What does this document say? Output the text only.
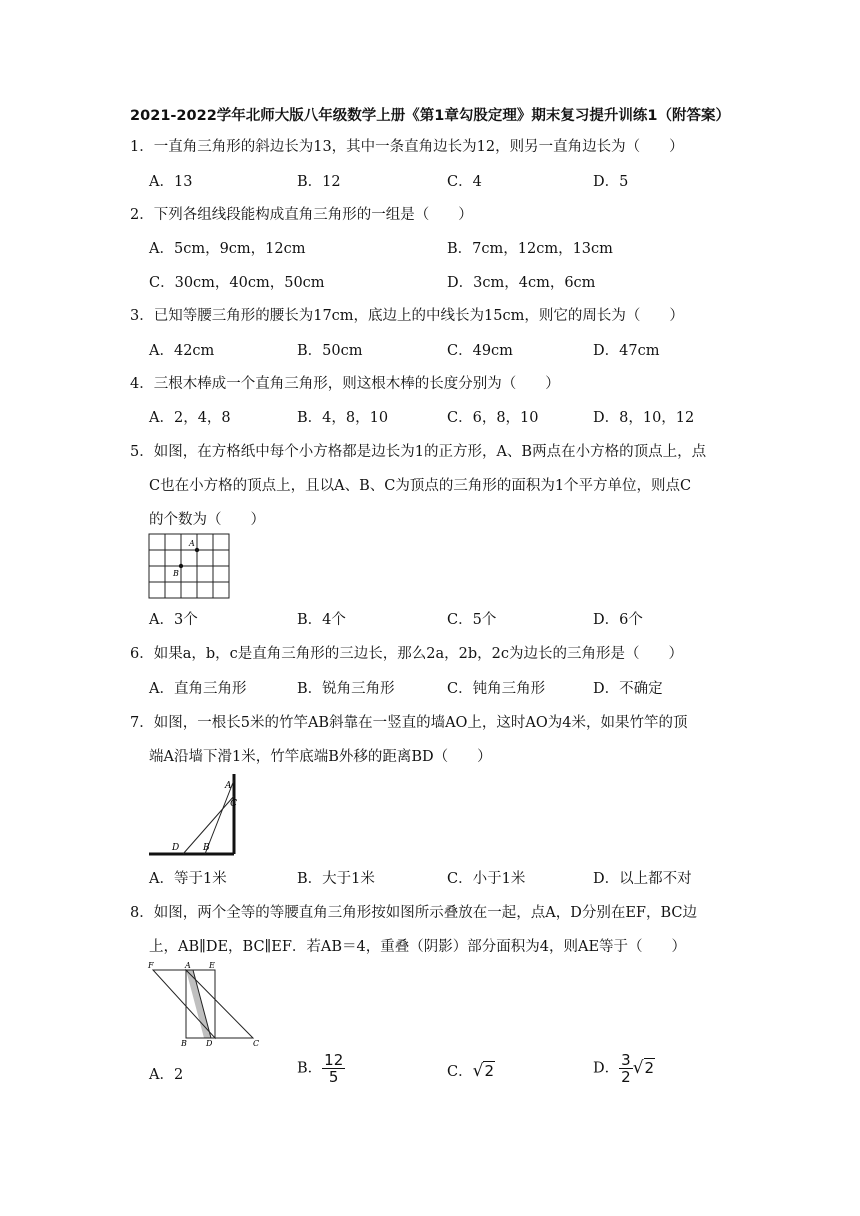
2021-2022学年北师大版八年级数学上册《第1章勾股定理》期末复习提升训练1（附答案）
1．一直角三角形的斜边长为13，其中一条直角边长为12，则另一直角边长为（　　）
A．13	B．12	C．4	D．5
2．下列各组线段能构成直角三角形的一组是（　　）
A．5cm，9cm，12cm	B．7cm，12cm，13cm
C．30cm，40cm，50cm	D．3cm，4cm，6cm
3．已知等腰三角形的腰长为17cm，底边上的中线长为15cm，则它的周长为（　　）
A．42cm	B．50cm	C．49cm	D．47cm
4．三根木棒成一个直角三角形，则这根木棒的长度分别为（　　）
A．2，4，8	B．4，8，10	C．6，8，10	D．8，10，12
5．如图，在方格纸中每个小方格都是边长为1的正方形，A、B两点在小方格的顶点上，点
C也在小方格的顶点上，且以A、B、C为顶点的三角形的面积为1个平方单位，则点C
的个数为（　　）
A
B
A．3个	B．4个	C．5个	D．6个
6．如果a，b，c是直角三角形的三边长，那么2a，2b，2c为边长的三角形是（　　）
A．直角三角形	B．锐角三角形	C．钝角三角形	D．不确定
7．如图，一根长5米的竹竿AB斜靠在一竖直的墙AO上，这时AO为4米，如果竹竿的顶
端A沿墙下滑1米，竹竿底端B外移的距离BD（　　）
A
C
D	B
A．等于1米	B．大于1米	C．小于1米	D．以上都不对
8．如图，两个全等的等腰直角三角形按如图所示叠放在一起，点A，D分别在EF，BC边
上，AB∥DE，BC∥EF．若AB＝4，重叠（阴影）部分面积为4，则AE等于（　　）
F	A E
B D	C
A．2	B． $\frac{12}{5}$	C．√2	D． $\frac{3}{2} √2$
